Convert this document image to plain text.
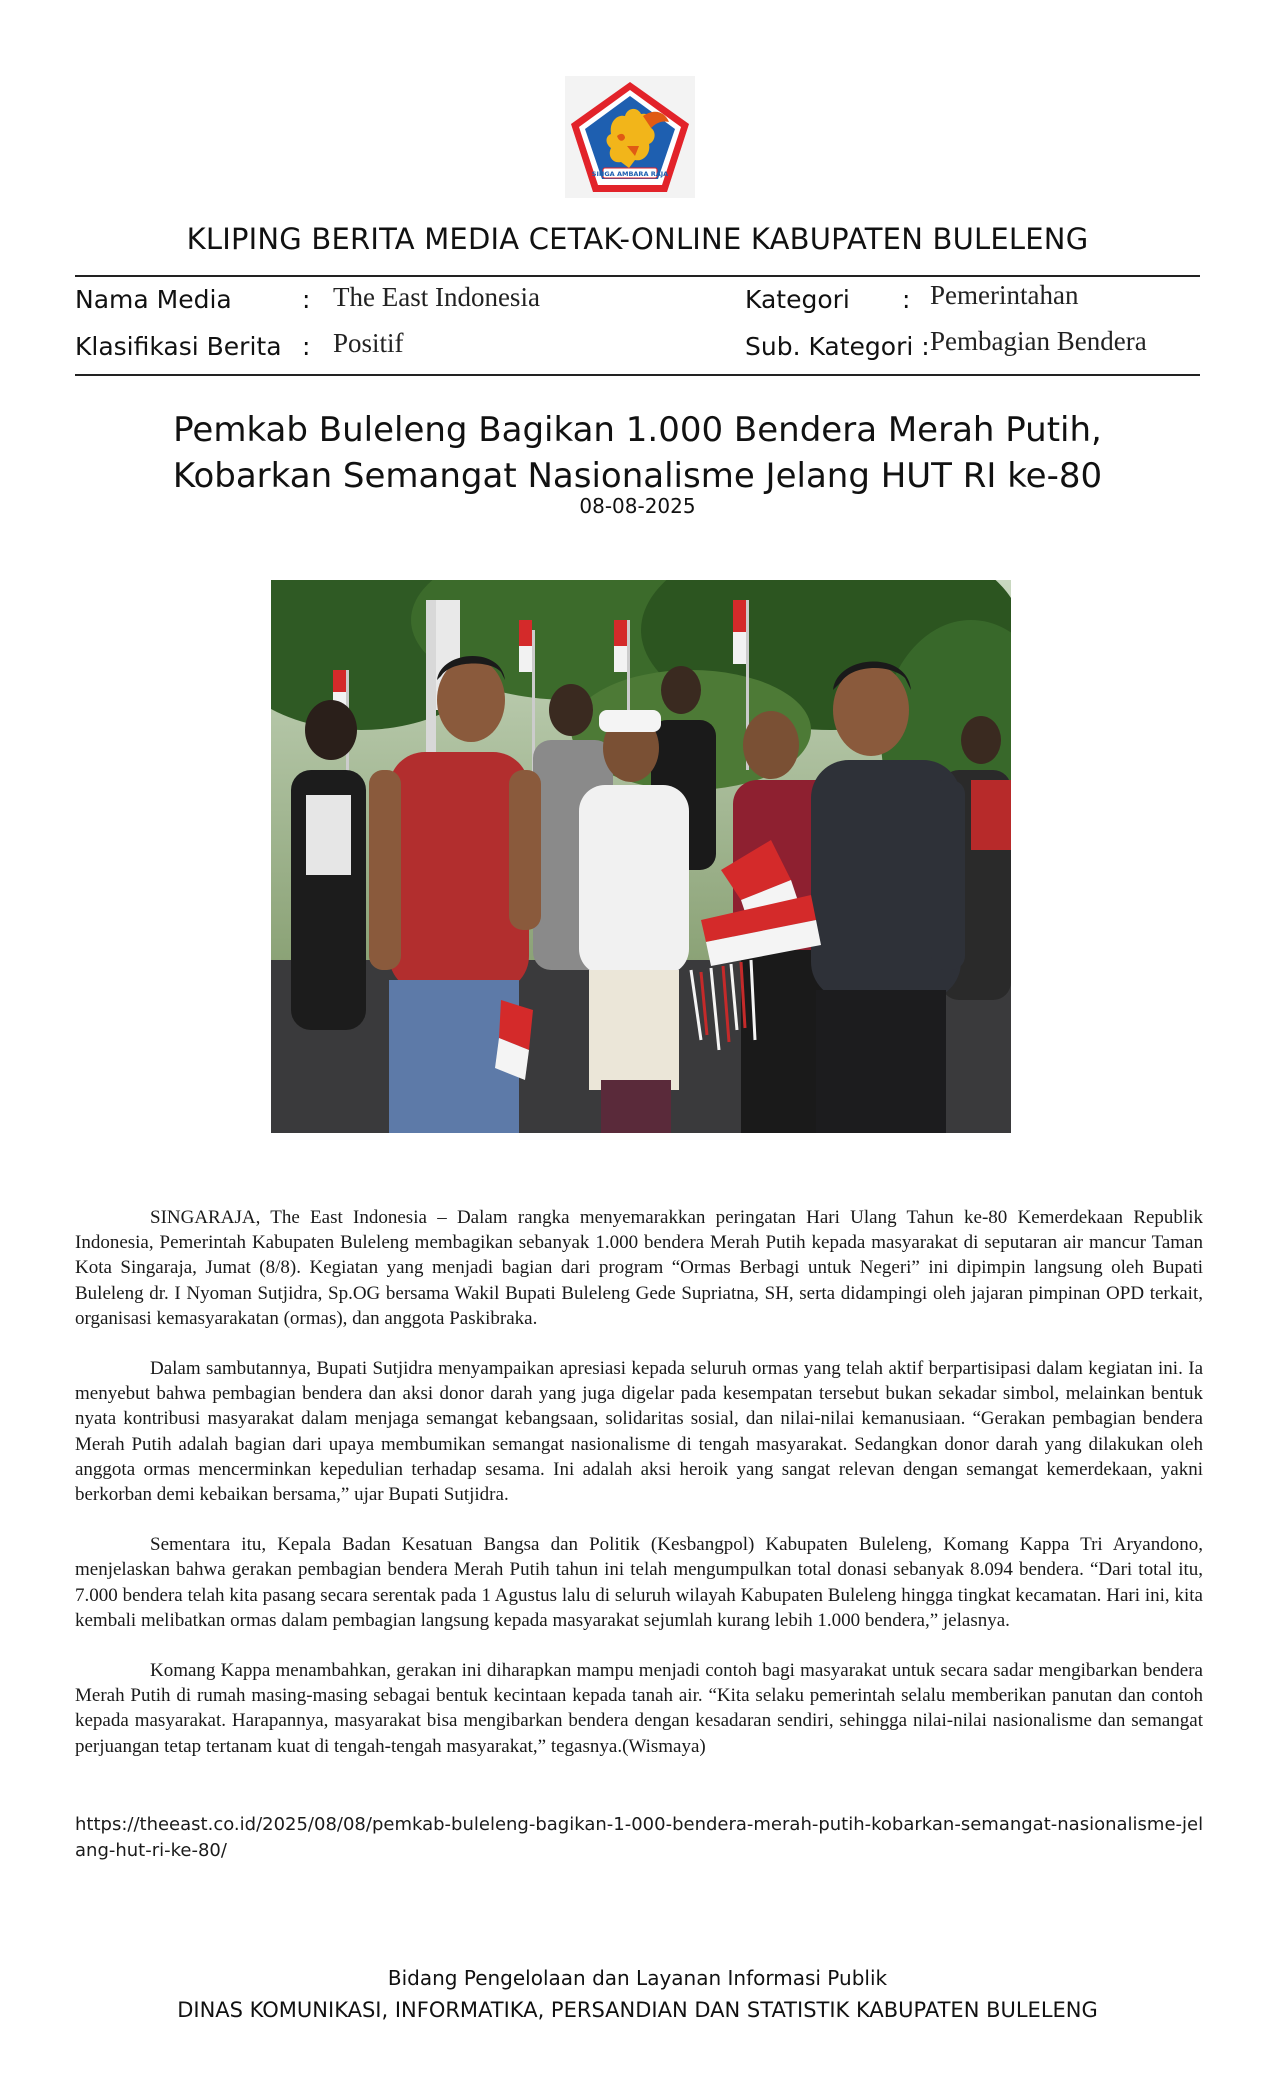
SINGA AMBARA RAJA
KLIPING BERITA MEDIA CETAK-ONLINE KABUPATEN BULELENG
Nama Media	: The East Indonesia	Kategori : Pemerintahan
Klasifikasi Berita : Positif	Sub. Kategori : Pembagian Bendera
Pemkab Buleleng Bagikan 1.000 Bendera Merah Putih,
Kobarkan Semangat Nasionalisme Jelang HUT RI ke-80
08-08-2025

SINGARAJA, The East Indonesia – Dalam rangka menyemarakkan peringatan Hari Ulang Tahun ke-80 Kemerdekaan Republik Indonesia, Pemerintah Kabupaten Buleleng membagikan sebanyak 1.000 bendera Merah Putih kepada masyarakat di seputaran air mancur Taman Kota Singaraja, Jumat (8/8). Kegiatan yang menjadi bagian dari program “Ormas Berbagi untuk Negeri” ini dipimpin langsung oleh Bupati Buleleng dr. I Nyoman Sutjidra, Sp.OG bersama Wakil Bupati Buleleng Gede Supriatna, SH, serta didampingi oleh jajaran pimpinan OPD terkait, organisasi kemasyarakatan (ormas), dan anggota Paskibraka.

Dalam sambutannya, Bupati Sutjidra menyampaikan apresiasi kepada seluruh ormas yang telah aktif berpartisipasi dalam kegiatan ini. Ia menyebut bahwa pembagian bendera dan aksi donor darah yang juga digelar pada kesempatan tersebut bukan sekadar simbol, melainkan bentuk nyata kontribusi masyarakat dalam menjaga semangat kebangsaan, solidaritas sosial, dan nilai-nilai kemanusiaan. “Gerakan pembagian bendera Merah Putih adalah bagian dari upaya membumikan semangat nasionalisme di tengah masyarakat. Sedangkan donor darah yang dilakukan oleh anggota ormas mencerminkan kepedulian terhadap sesama. Ini adalah aksi heroik yang sangat relevan dengan semangat kemerdekaan, yakni berkorban demi kebaikan bersama,” ujar Bupati Sutjidra.

Sementara itu, Kepala Badan Kesatuan Bangsa dan Politik (Kesbangpol) Kabupaten Buleleng, Komang Kappa Tri Aryandono, menjelaskan bahwa gerakan pembagian bendera Merah Putih tahun ini telah mengumpulkan total donasi sebanyak 8.094 bendera. “Dari total itu, 7.000 bendera telah kita pasang secara serentak pada 1 Agustus lalu di seluruh wilayah Kabupaten Buleleng hingga tingkat kecamatan. Hari ini, kita kembali melibatkan ormas dalam pembagian langsung kepada masyarakat sejumlah kurang lebih 1.000 bendera,” jelasnya.

Komang Kappa menambahkan, gerakan ini diharapkan mampu menjadi contoh bagi masyarakat untuk secara sadar mengibarkan bendera Merah Putih di rumah masing-masing sebagai bentuk kecintaan kepada tanah air. “Kita selaku pemerintah selalu memberikan panutan dan contoh kepada masyarakat. Harapannya, masyarakat bisa mengibarkan bendera dengan kesadaran sendiri, sehingga nilai-nilai nasionalisme dan semangat perjuangan tetap tertanam kuat di tengah-tengah masyarakat,” tegasnya.(Wismaya)

https://theeast.co.id/2025/08/08/pemkab-buleleng-bagikan-1-000-bendera-merah-putih-kobarkan-semangat-nasionalisme-jelang-hut-ri-ke-80/
Bidang Pengelolaan dan Layanan Informasi Publik
DINAS KOMUNIKASI, INFORMATIKA, PERSANDIAN DAN STATISTIK KABUPATEN BULELENG
